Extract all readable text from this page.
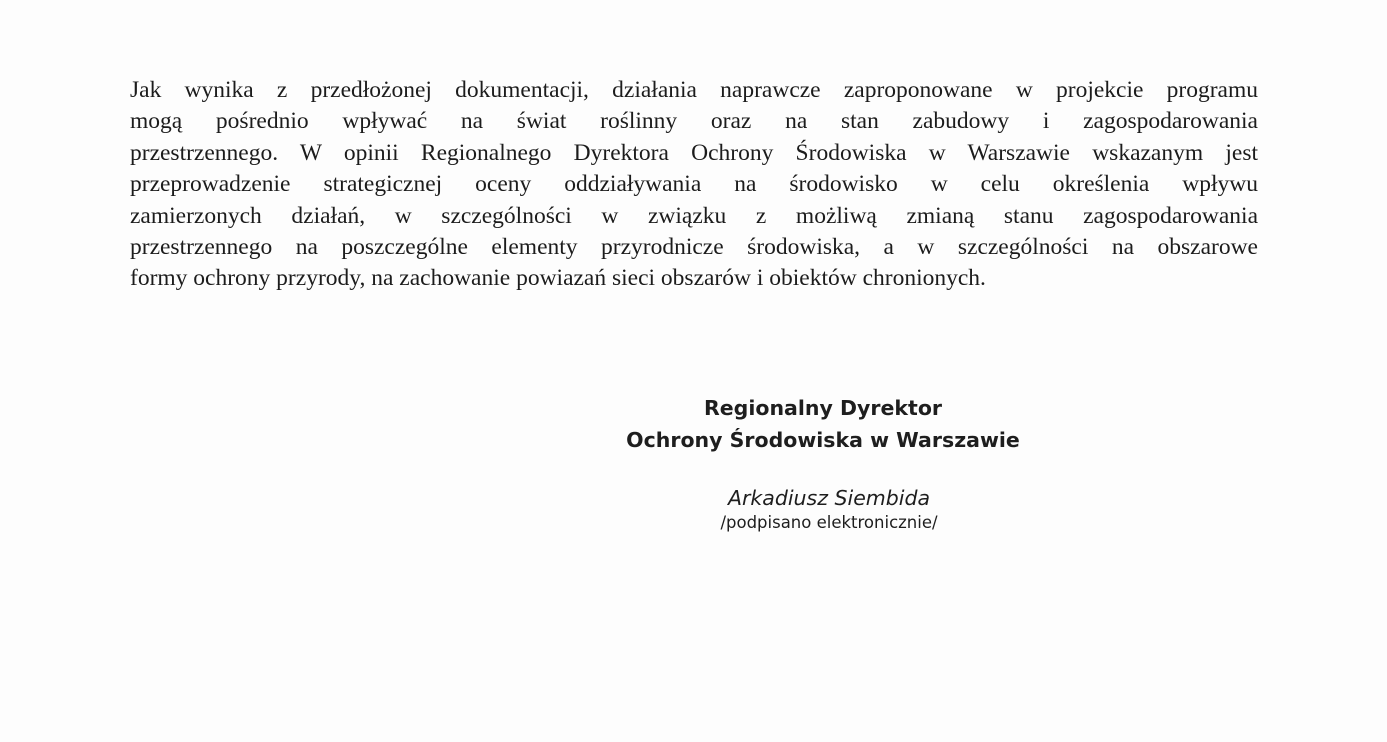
Jak wynika z przedłożonej dokumentacji, działania naprawcze zaproponowane w projekcie programu
mogą pośrednio wpływać na świat roślinny oraz na stan zabudowy i zagospodarowania
przestrzennego. W opinii Regionalnego Dyrektora Ochrony Środowiska w Warszawie wskazanym jest
przeprowadzenie strategicznej oceny oddziaływania na środowisko w celu określenia wpływu
zamierzonych działań, w szczególności w związku z możliwą zmianą stanu zagospodarowania
przestrzennego na poszczególne elementy przyrodnicze środowiska, a w szczególności na obszarowe
formy ochrony przyrody, na zachowanie powiazań sieci obszarów i obiektów chronionych.
Regionalny Dyrektor
Ochrony Środowiska w Warszawie
Arkadiusz Siembida
/podpisano elektronicznie/
